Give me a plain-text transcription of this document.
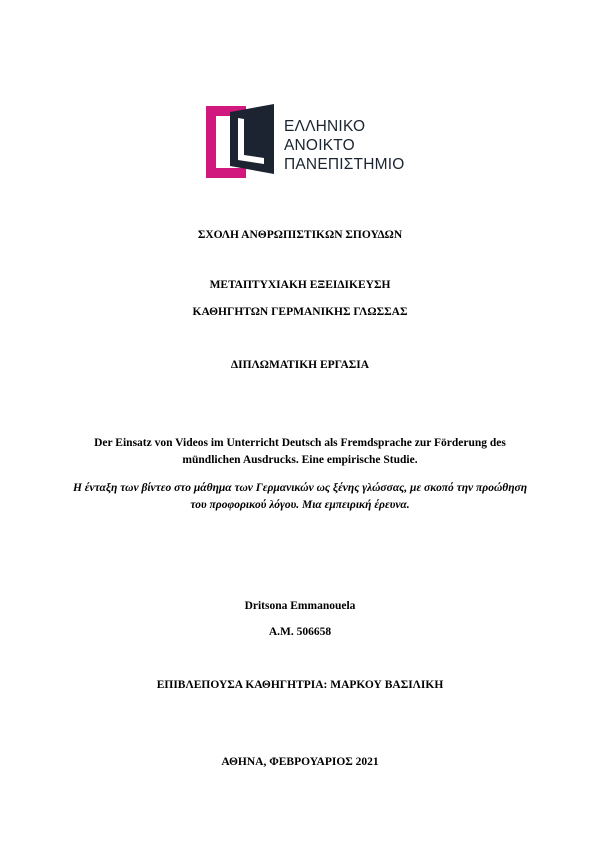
ΕΛΛΗΝΙΚΟ
ΑΝΟΙΚΤΟ
ΠΑΝΕΠΙΣΤΗΜΙΟ
ΣΧΟΛΗ ΑΝΘΡΩΠΙΣΤΙΚΩΝ ΣΠΟΥΔΩΝ
ΜΕΤΑΠΤΥΧΙΑΚΗ ΕΞΕΙΔΙΚΕΥΣΗ
ΚΑΘΗΓΗΤΩΝ ΓΕΡΜΑΝΙΚΗΣ ΓΛΩΣΣΑΣ
ΔΙΠΛΩΜΑΤΙΚΗ ΕΡΓΑΣΙΑ
Der Einsatz von Videos im Unterricht Deutsch als Fremdsprache zur Förderung des mündlichen Ausdrucks. Eine empirische Studie.
Η ένταξη των βίντεο στο μάθημα των Γερμανικών ως ξένης γλώσσας, με σκοπό την προώθηση του προφορικού λόγου. Μια εμπειρική έρευνα.
Dritsona Emmanouela
A.M. 506658
ΕΠΙΒΛΕΠΟΥΣΑ ΚΑΘΗΓΗΤΡΙΑ: ΜΑΡΚΟΥ ΒΑΣΙΛΙΚΗ
ΑΘΗΝΑ, ΦΕΒΡΟΥΑΡΙΟΣ 2021
